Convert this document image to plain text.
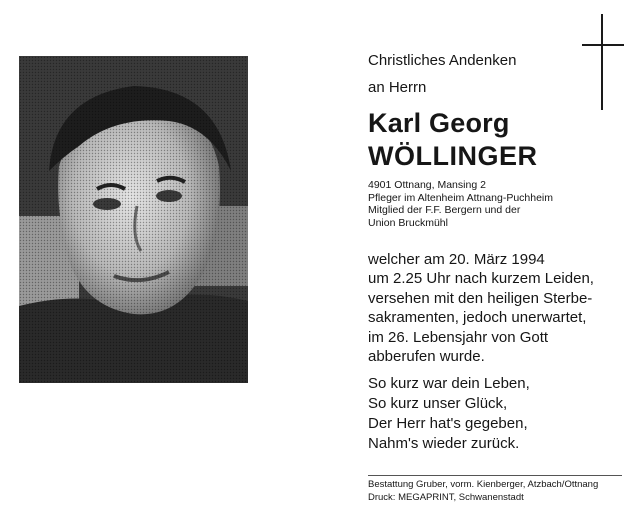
Christliches Andenken
an Herrn
Karl Georg
WÖLLINGER
4901 Ottnang, Mansing 2
Pfleger im Altenheim Attnang-Puchheim
Mitglied der F.F. Bergern und der
Union Bruckmühl
welcher am 20. März 1994
um 2.25 Uhr nach kurzem Leiden,
versehen mit den heiligen Sterbe-
sakramenten, jedoch unerwartet,
im 26. Lebensjahr von Gott
abberufen wurde.
So kurz war dein Leben,
So kurz unser Glück,
Der Herr hat's gegeben,
Nahm's wieder zurück.
Bestattung Gruber, vorm. Kienberger, Atzbach/Ottnang
Druck: MEGAPRINT, Schwanenstadt
